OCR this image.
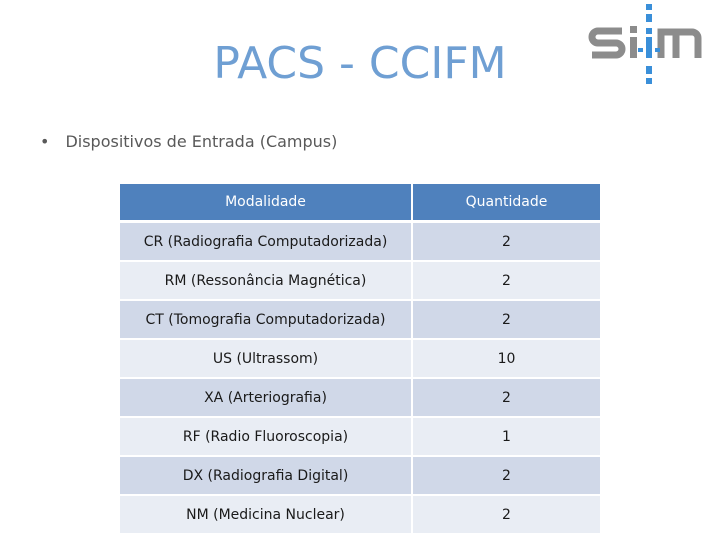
PACS - CCIFM
• Dispositivos de Entrada (Campus)
Modalidade	Quantidade
CR (Radiografia Computadorizada)	2
RM (Ressonância Magnética)	2
CT (Tomografia Computadorizada)	2
US (Ultrassom)	10
XA (Arteriografia)	2
RF (Radio Fluoroscopia)	1
DX (Radiografia Digital)	2
NM (Medicina Nuclear)	2
